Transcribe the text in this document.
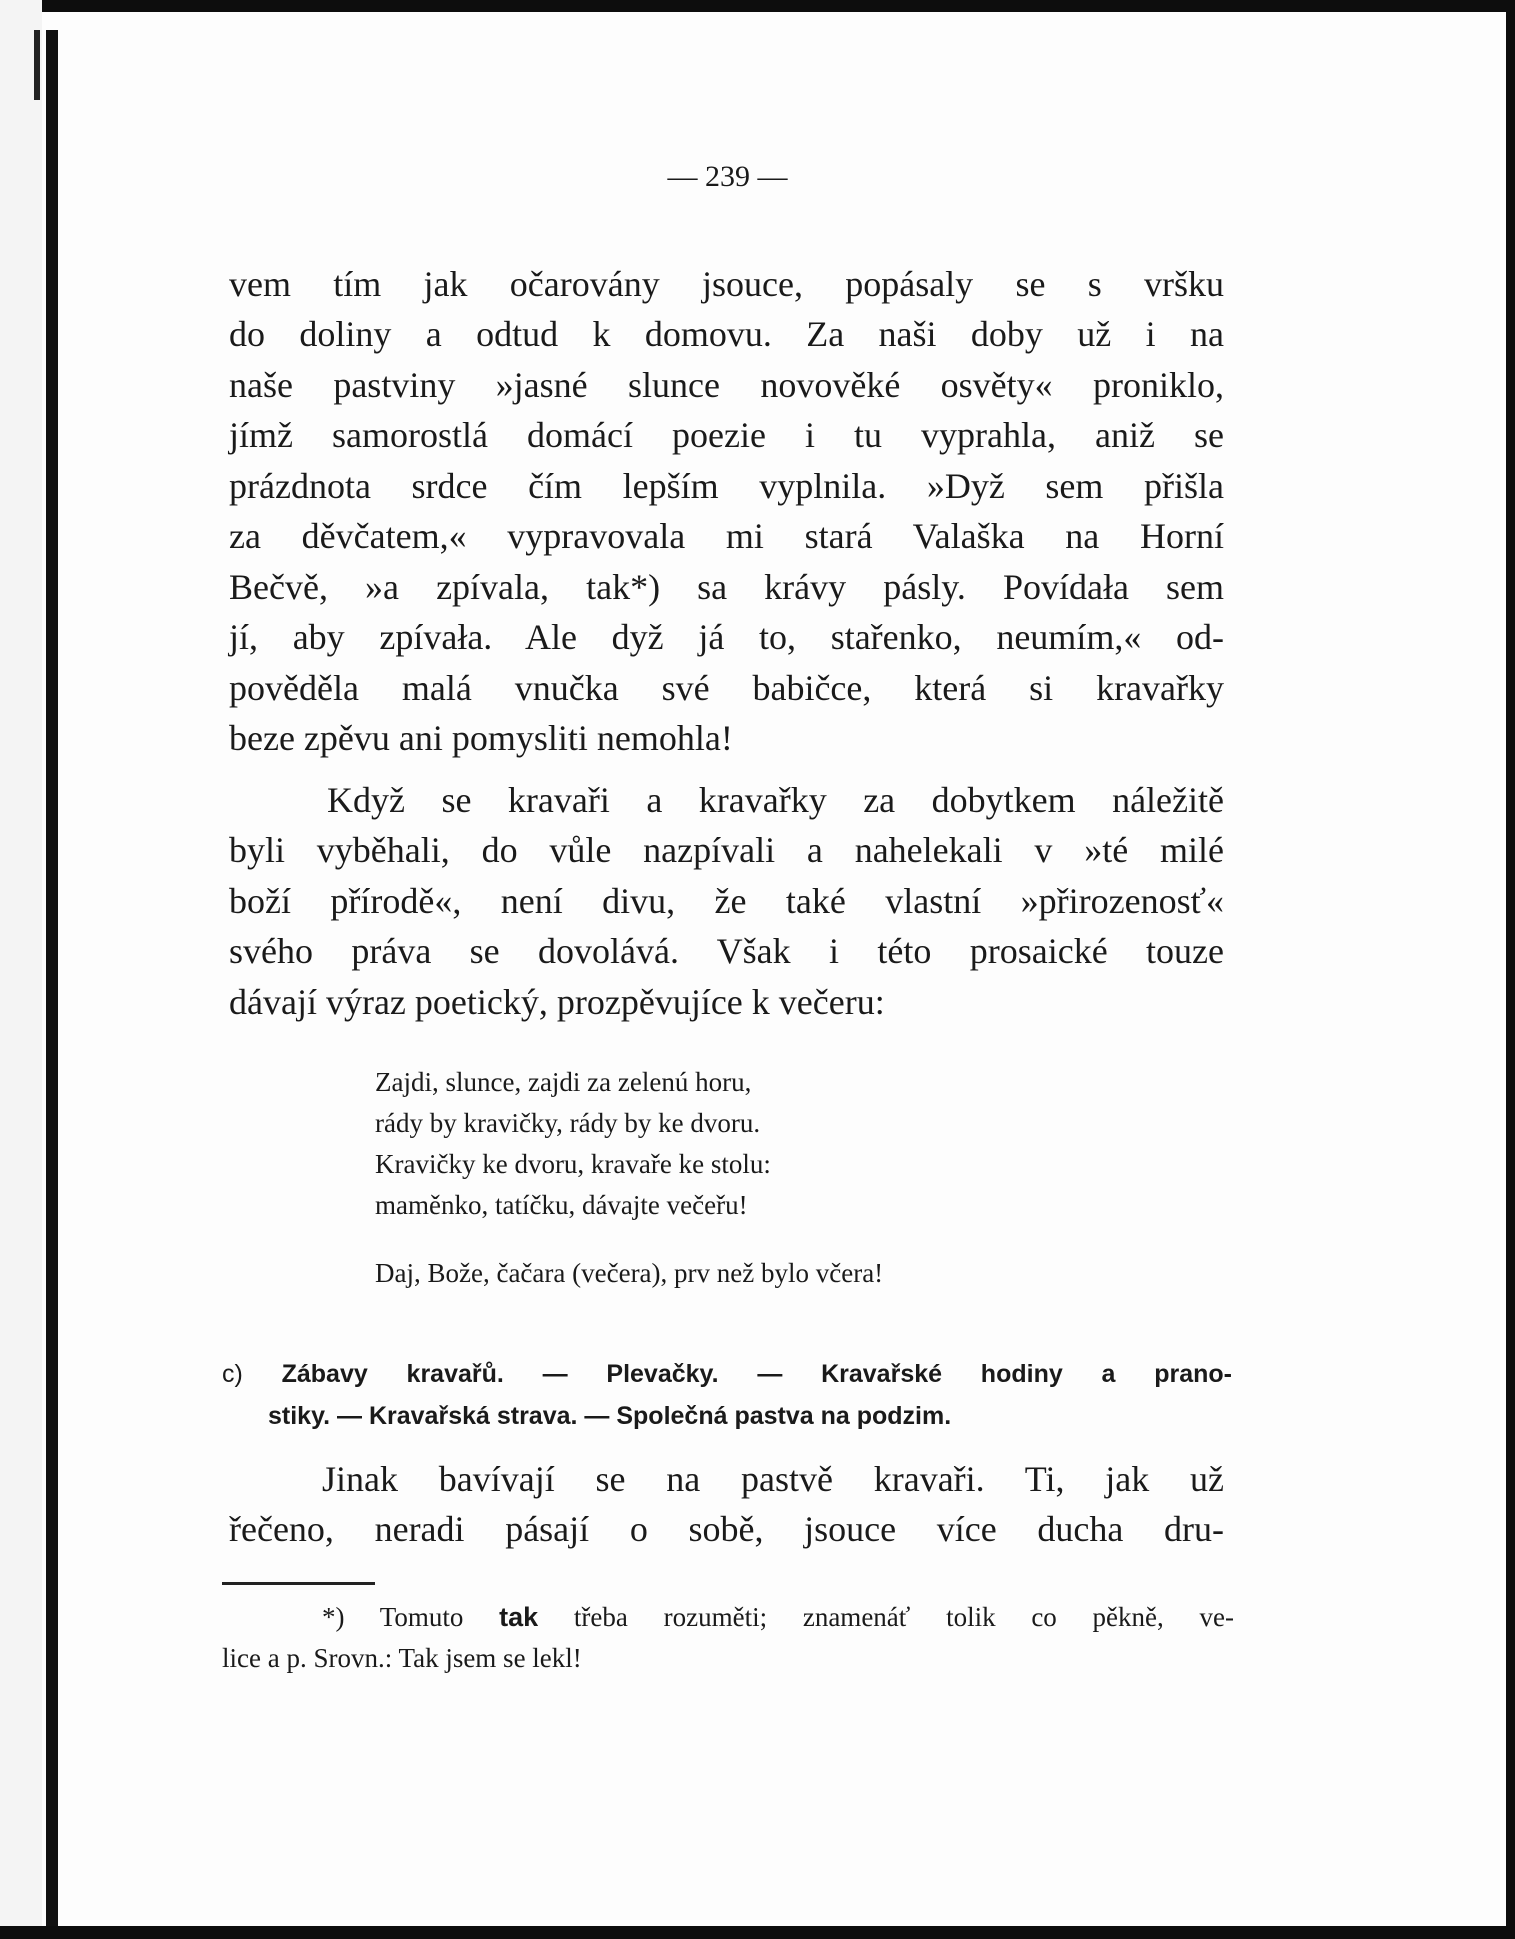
— 239 —
vem tím jak očarovány jsouce, popásaly se s vršku
do doliny a odtud k domovu. Za naši doby už i na
naše pastviny »jasné slunce novověké osvěty« proniklo,
jímž samorostlá domácí poezie i tu vyprahla, aniž se
prázdnota srdce čím lepším vyplnila. »Dyž sem přišla
za děvčatem,« vypravovala mi stará Valaška na Horní
Bečvě, »a zpívala, tak*) sa krávy pásly. Povídała sem
jí, aby zpívała. Ale dyž já to, stařenko, neumím,« od-
pověděla malá vnučka své babičce, která si kravařky
beze zpěvu ani pomysliti nemohla!
Když se kravaři a kravařky za dobytkem náležitě
byli vyběhali, do vůle nazpívali a nahelekali v »té milé
boží přírodě«, není divu, že také vlastní »přirozenosť«
svého práva se dovolává. Však i této prosaické touze
dávají výraz poetický, prozpěvujíce k večeru:
Zajdi, slunce, zajdi za zelenú horu,
rády by kravičky, rády by ke dvoru.
Kravičky ke dvoru, kravaře ke stolu:
maměnko, tatíčku, dávajte večeřu!
Daj, Bože, čačara (večera), prv než bylo včera!
c) Zábavy kravařů. — Plevačky. — Kravařské hodiny a prano-
stiky. — Kravařská strava. — Společná pastva na podzim.
Jinak bavívají se na pastvě kravaři. Ti, jak už
řečeno, neradi pásají o sobě, jsouce více ducha dru-
*) Tomuto tak třeba rozuměti; znamenáť tolik co pěkně, ve-
lice a p. Srovn.: Tak jsem se lekl!
